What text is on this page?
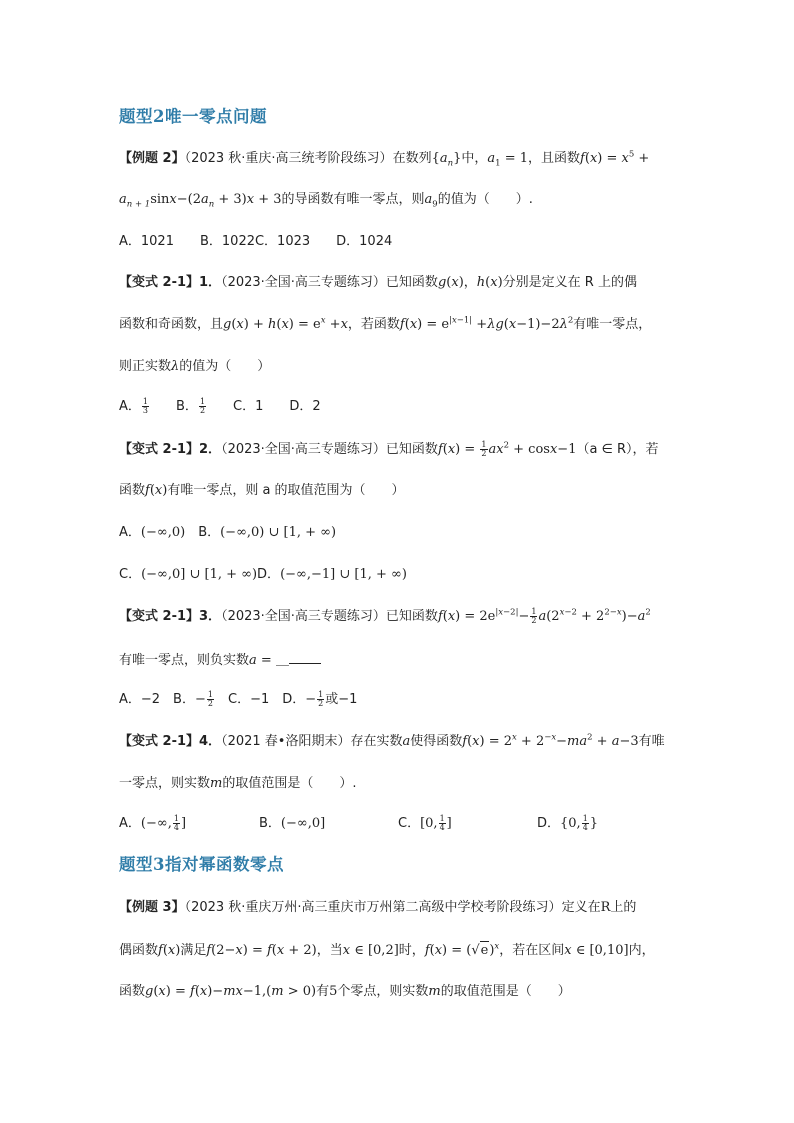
题型2唯一零点问题
【例题 2】（2023 秋·重庆·高三统考阶段练习）在数列$\{a_n\}$中，$a_1 = 1$，且函数$f(x) = x^5$ +
$a_{n + 1}\sin x-(2a_n + 3)x + 3$的导函数有唯一零点，则$a_9$的值为（　　）.
A．1021　　B．1022C．1023　　D．1024
【变式 2-1】1．（2023·全国·高三专题练习）已知函数g(x)，h(x)分别是定义在 R 上的偶
函数和奇函数，且$g(x) + h(x) = e^x +x$，若函数$f(x) = e^{|x-1|} +\lambda g(x-1)-2\lambda^2$有唯一零点，
则正实数λ的值为（　　）
A． $\frac{1}{3}$
　　 B． $\frac{1}{2}$
　　 C．1　　D．2
【变式 2-1】2．（2023·全国·高三专题练习）已知函数$f(x) = \frac{1}{2} ax^2 + \cos x-1(a$ ∈ R），若
函数f(x)有唯一零点，则 a 的取值范围为（　　）
A．(−∞,0)　B．(−∞,0) ∪ [1, + ∞)
C．(−∞,0] ∪ [1, + ∞)D．(−∞,−1] ∪ [1, + ∞)
【变式 2-1】3．（2023·全国·高三专题练习）已知函数$f(x) = 2e^{|x-2|}- \frac{1}{2} a(2^{x-2} + 2^{2-x})-a^2$
有唯一零点，则负实数a = ＿
A．−2　B．− $\frac{1}{2}$
　 C．−1　D．− $\frac{1}{2}$ 或−1
【变式 2-1】4．（2021 春•洛阳期末）存在实数a使得函数$f(x) = 2^x + 2^{-x}-ma^2 + a-3$有唯
一零点，则实数m的取值范围是（　　）.
A．(−∞, $\frac{1}{4}$ ]	B．(−∞,0]	C．[0, $\frac{1}{4}$ ]	D．{0, $\frac{1}{4}$ }
题型3指对幂函数零点
【例题 3】（2023 秋·重庆万州·高三重庆市万州第二高级中学校考阶段练习）定义在R上的
偶函数f(x)满足f(2−x) = f(x + 2)，当x ∈ [0,2]时，$f(x) = (√e)^x$，若在区间x ∈ [0,10]内，
函数g(x) = f(x)−mx−1,(m > 0)有5个零点，则实数m的取值范围是（　　）
